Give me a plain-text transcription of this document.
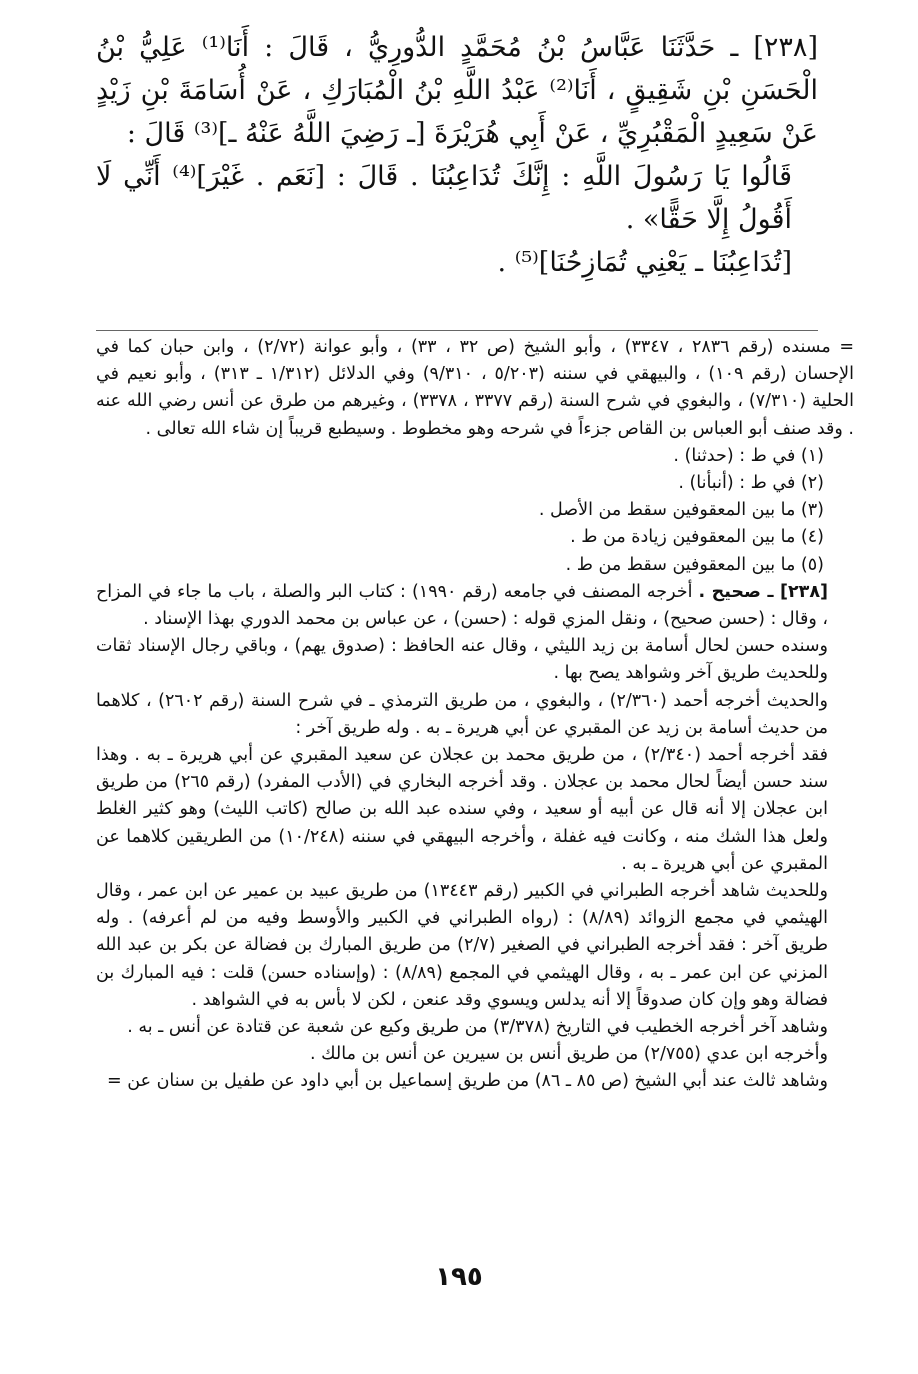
[٢٣٨] ـ حَدَّثَنَا عَبَّاسُ بْنُ مُحَمَّدٍ الدُّورِيُّ ، قَالَ : أَنَا⁽¹⁾ عَلِيُّ بْنُ الْحَسَنِ بْنِ شَقِيقٍ ، أَنَا⁽²⁾ عَبْدُ اللَّهِ بْنُ الْمُبَارَكِ ، عَنْ أُسَامَةَ بْنِ زَيْدٍ عَنْ سَعِيدٍ الْمَقْبُرِيِّ ، عَنْ أَبِي هُرَيْرَةَ [ـ رَضِيَ اللَّهُ عَنْهُ ـ]⁽³⁾ قَالَ :

قَالُوا يَا رَسُولَ اللَّهِ : إِنَّكَ تُدَاعِبُنَا . قَالَ : [نَعَم . غَيْرَ]⁽⁴⁾ أَنِّي لَا أَقُولُ إِلَّا حَقًّا» .

[تُدَاعِبُنَا ـ يَعْنِي تُمَازِحُنَا]⁽⁵⁾ .

= مسنده (رقم ٢٨٣٦ ، ٣٣٤٧) ، وأبو الشيخ (ص ٣٢ ، ٣٣) ، وأبو عوانة (٢/٧٢) ، وابن حبان كما في الإحسان (رقم ١٠٩) ، والبيهقي في سننه (٥/٢٠٣ ، ٩/٣١٠) وفي الدلائل (١/٣١٢ ـ ٣١٣) ، وأبو نعيم في الحلية (٧/٣١٠) ، والبغوي في شرح السنة (رقم ٣٣٧٧ ، ٣٣٧٨) ، وغيرهم من طرق عن أنس رضي الله عنه . وقد صنف أبو العباس بن القاص جزءاً في شرحه وهو مخطوط . وسيطبع قريباً إن شاء الله تعالى .

(١) في ط : (حدثنا) .

(٢) في ط : (أنبأنا) .

(٣) ما بين المعقوفين سقط من الأصل .

(٤) ما بين المعقوفين زيادة من ط .

(٥) ما بين المعقوفين سقط من ط .

[٢٣٨] ـ صحيح . أخرجه المصنف في جامعه (رقم ١٩٩٠) : كتاب البر والصلة ، باب ما جاء في المزاح ، وقال : (حسن صحيح) ، ونقل المزي قوله : (حسن) ، عن عباس بن محمد الدوري بهذا الإسناد .

وسنده حسن لحال أسامة بن زيد الليثي ، وقال عنه الحافظ : (صدوق يهم) ، وباقي رجال الإسناد ثقات وللحديث طريق آخر وشواهد يصح بها .

والحديث أخرجه أحمد (٢/٣٦٠) ، والبغوي ، من طريق الترمذي ـ في شرح السنة (رقم ٢٦٠٢) ، كلاهما من حديث أسامة بن زيد عن المقبري عن أبي هريرة ـ به . وله طريق آخر :

فقد أخرجه أحمد (٢/٣٤٠) ، من طريق محمد بن عجلان عن سعيد المقبري عن أبي هريرة ـ به . وهذا سند حسن أيضاً لحال محمد بن عجلان . وقد أخرجه البخاري في (الأدب المفرد) (رقم ٢٦٥) من طريق ابن عجلان إلا أنه قال عن أبيه أو سعيد ، وفي سنده عبد الله بن صالح (كاتب الليث) وهو كثير الغلط ولعل هذا الشك منه ، وكانت فيه غفلة ، وأخرجه البيهقي في سننه (١٠/٢٤٨) من الطريقين كلاهما عن المقبري عن أبي هريرة ـ به .

وللحديث شاهد أخرجه الطبراني في الكبير (رقم ١٣٤٤٣) من طريق عبيد بن عمير عن ابن عمر ، وقال الهيثمي في مجمع الزوائد (٨/٨٩) : (رواه الطبراني في الكبير والأوسط وفيه من لم أعرفه) . وله طريق آخر : فقد أخرجه الطبراني في الصغير (٢/٧) من طريق المبارك بن فضالة عن بكر بن عبد الله المزني عن ابن عمر ـ به ، وقال الهيثمي في المجمع (٨/٨٩) : (وإسناده حسن) قلت : فيه المبارك بن فضالة وهو وإن كان صدوقاً إلا أنه يدلس ويسوي وقد عنعن ، لكن لا بأس به في الشواهد .

وشاهد آخر أخرجه الخطيب في التاريخ (٣/٣٧٨) من طريق وكيع عن شعبة عن قتادة عن أنس ـ به .

وأخرجه ابن عدي (٢/٧٥٥) من طريق أنس بن سيرين عن أنس بن مالك .

وشاهد ثالث عند أبي الشيخ (ص ٨٥ ـ ٨٦) من طريق إسماعيل بن أبي داود عن طفيل بن سنان عن =

١٩٥
